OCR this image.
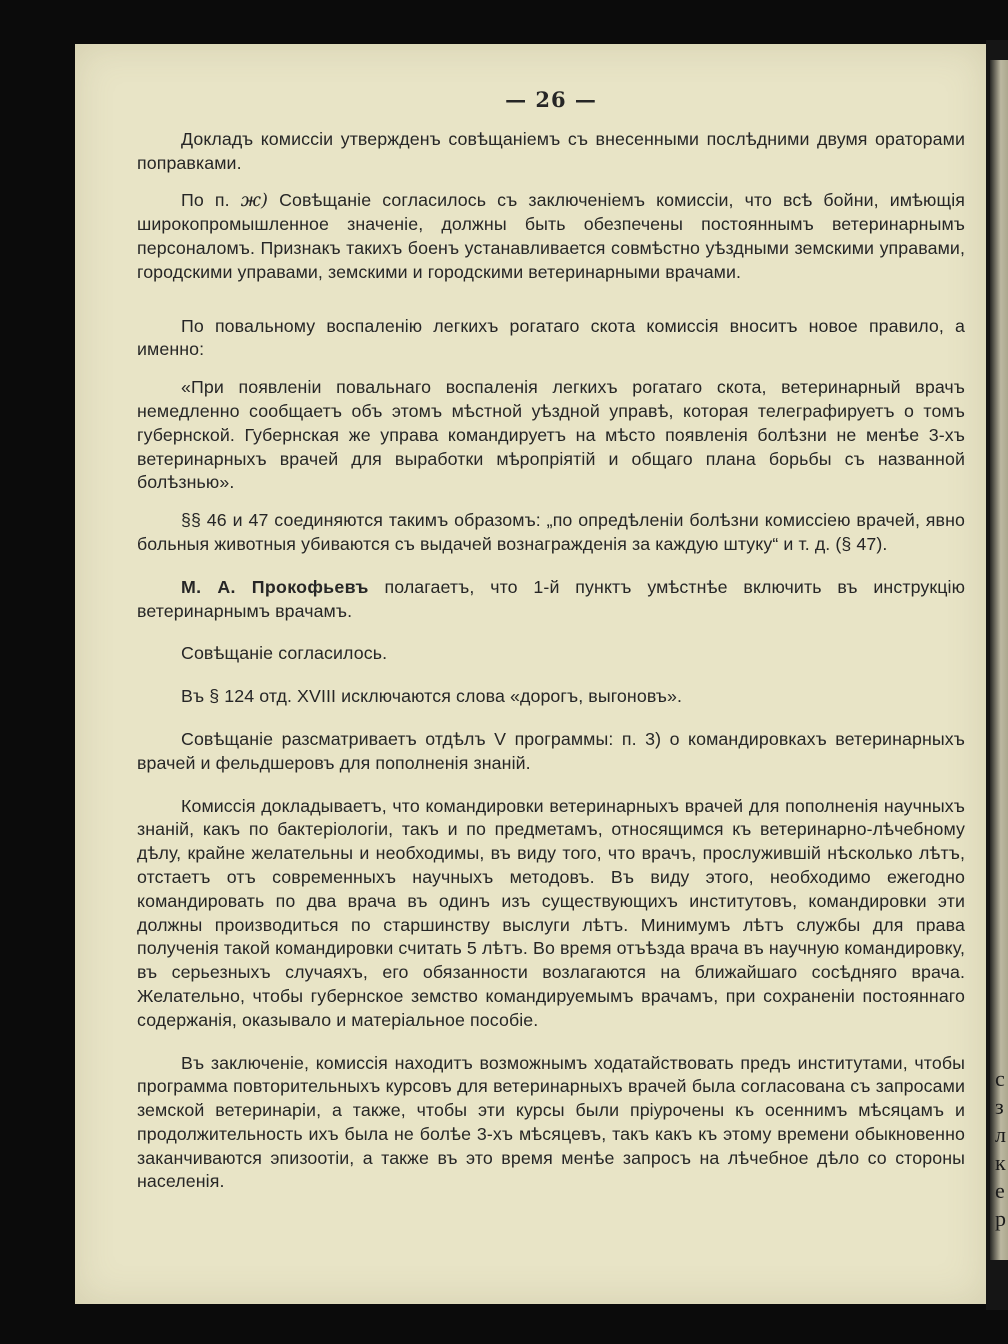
с
з
л
к
е
р
— 26 —

Докладъ комиссіи утвержденъ совѣщаніемъ съ внесенными послѣдними двумя ораторами поправками.

По п. ж) Совѣщаніе согласилось съ заключеніемъ комиссіи, что всѣ бойни, имѣющія широкопромышленное значеніе, должны быть обезпечены постояннымъ ветеринарнымъ персоналомъ. Признакъ такихъ боенъ устанавливается совмѣстно уѣздными земскими управами, городскими управами, земскими и городскими ветеринарными врачами.

По повальному воспаленію легкихъ рогатаго скота комиссія вноситъ новое правило, а именно:

«При появленіи повальнаго воспаленія легкихъ рогатаго скота, ветеринарный врачъ немедленно сообщаетъ объ этомъ мѣстной уѣздной управѣ, которая телеграфируетъ о томъ губернской. Губернская же управа командируетъ на мѣсто появленія болѣзни не менѣе 3-хъ ветеринарныхъ врачей для выработки мѣропріятій и общаго плана борьбы съ названной болѣзнью».

§§ 46 и 47 соединяются такимъ образомъ: „по опредѣленіи болѣзни комиссіею врачей, явно больныя животныя убиваются съ выдачей вознагражденія за каждую штуку“ и т. д. (§ 47).

М. А. Прокофьевъ полагаетъ, что 1-й пунктъ умѣстнѣе включить въ инструкцію ветеринарнымъ врачамъ.

Совѣщаніе согласилось.

Въ § 124 отд. XVIII исключаются слова «дорогъ, выгоновъ».

Совѣщаніе разсматриваетъ отдѣлъ V программы: п. 3) о командировкахъ ветеринарныхъ врачей и фельдшеровъ для пополненія знаній.

Комиссія докладываетъ, что командировки ветеринарныхъ врачей для пополненія научныхъ знаній, какъ по бактеріологіи, такъ и по предметамъ, относящимся къ ветеринарно-лѣчебному дѣлу, крайне желательны и необходимы, въ виду того, что врачъ, прослужившій нѣсколько лѣтъ, отстаетъ отъ современныхъ научныхъ методовъ. Въ виду этого, необходимо ежегодно командировать по два врача въ одинъ изъ существующихъ институтовъ, командировки эти должны производиться по старшинству выслуги лѣтъ. Минимумъ лѣтъ службы для права полученія такой командировки считать 5 лѣтъ. Во время отъѣзда врача въ научную командировку, въ серьезныхъ случаяхъ, его обязанности возлагаются на ближайшаго сосѣдняго врача. Желательно, чтобы губернское земство командируемымъ врачамъ, при сохраненіи постояннаго содержанія, оказывало и матеріальное пособіе.

Въ заключеніе, комиссія находитъ возможнымъ ходатайствовать предъ институтами, чтобы программа повторительныхъ курсовъ для ветеринарныхъ врачей была согласована съ запросами земской ветеринаріи, а также, чтобы эти курсы были пріурочены къ осеннимъ мѣсяцамъ и продолжительность ихъ была не болѣе 3-хъ мѣсяцевъ, такъ какъ къ этому времени обыкновенно заканчиваются эпизоотіи, а также въ это время менѣе запросъ на лѣчебное дѣло со стороны населенія.
